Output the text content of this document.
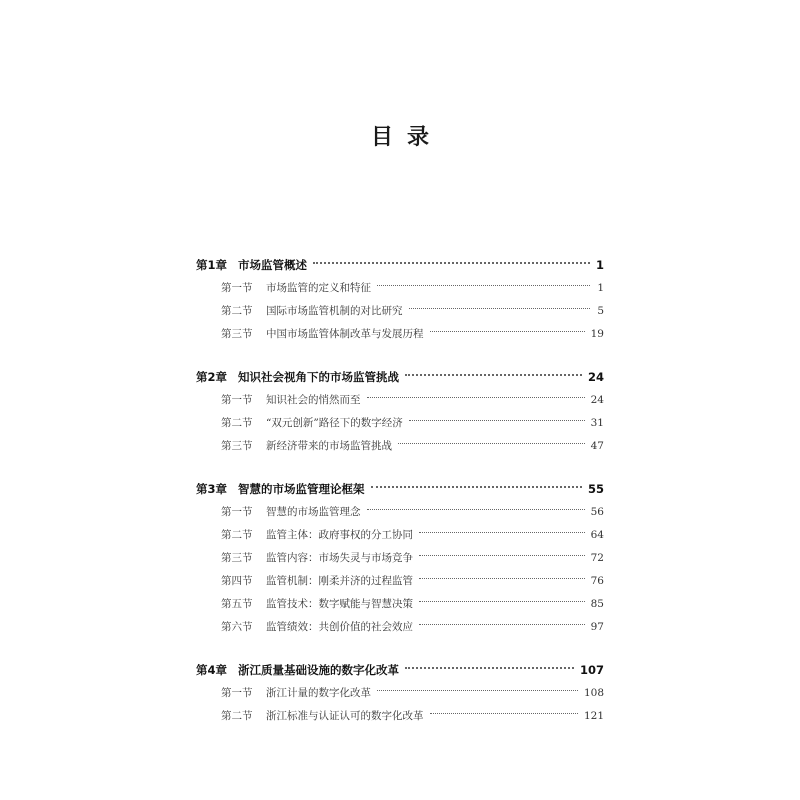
目录
第1章 市场监管概述	1
第一节	市场监管的定义和特征	1
第二节	国际市场监管机制的对比研究	5
第三节	中国市场监管体制改革与发展历程	19
第2章 知识社会视角下的市场监管挑战	24
第一节	知识社会的悄然而至	24
第二节	“双元创新”路径下的数字经济	31
第三节	新经济带来的市场监管挑战	47
第3章 智慧的市场监管理论框架	55
第一节	智慧的市场监管理念	56
第二节	监管主体：政府事权的分工协同	64
第三节	监管内容：市场失灵与市场竞争	72
第四节	监管机制：刚柔并济的过程监管	76
第五节	监管技术：数字赋能与智慧决策	85
第六节	监管绩效：共创价值的社会效应	97
第4章 浙江质量基础设施的数字化改革	107
第一节	浙江计量的数字化改革	108
第二节	浙江标准与认证认可的数字化改革	121
